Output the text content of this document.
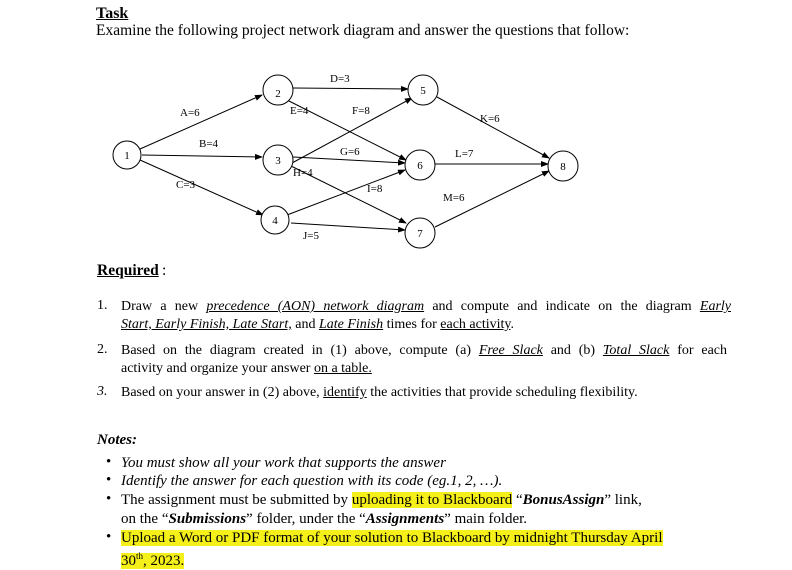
Task
Examine the following project network diagram and answer the questions that follow:
1
2
3
4
5
6
7
8
A=6
B=4
C=3
D=3
E=4	F=8
G=6
H=4
I=8
J=5
K=6
L=7
M=6
Required :
1. Draw a new precedence (AON) network diagram and compute and indicate on the diagram Early
Start, Early Finish, Late Start, and Late Finish times for each activity.
2. Based on the diagram created in (1) above, compute (a) Free Slack and (b) Total Slack for each
activity and organize your answer on a table.
3. Based on your answer in (2) above, identify the activities that provide scheduling flexibility.
Notes:
• You must show all your work that supports the answer
• Identify the answer for each question with its code (eg.1, 2, …).
• The assignment must be submitted by uploading it to Blackboard “BonusAssign” link,
on the “Submissions” folder, under the “Assignments” main folder.
• Upload a Word or PDF format of your solution to Blackboard by midnight Thursday April
30th, 2023.
